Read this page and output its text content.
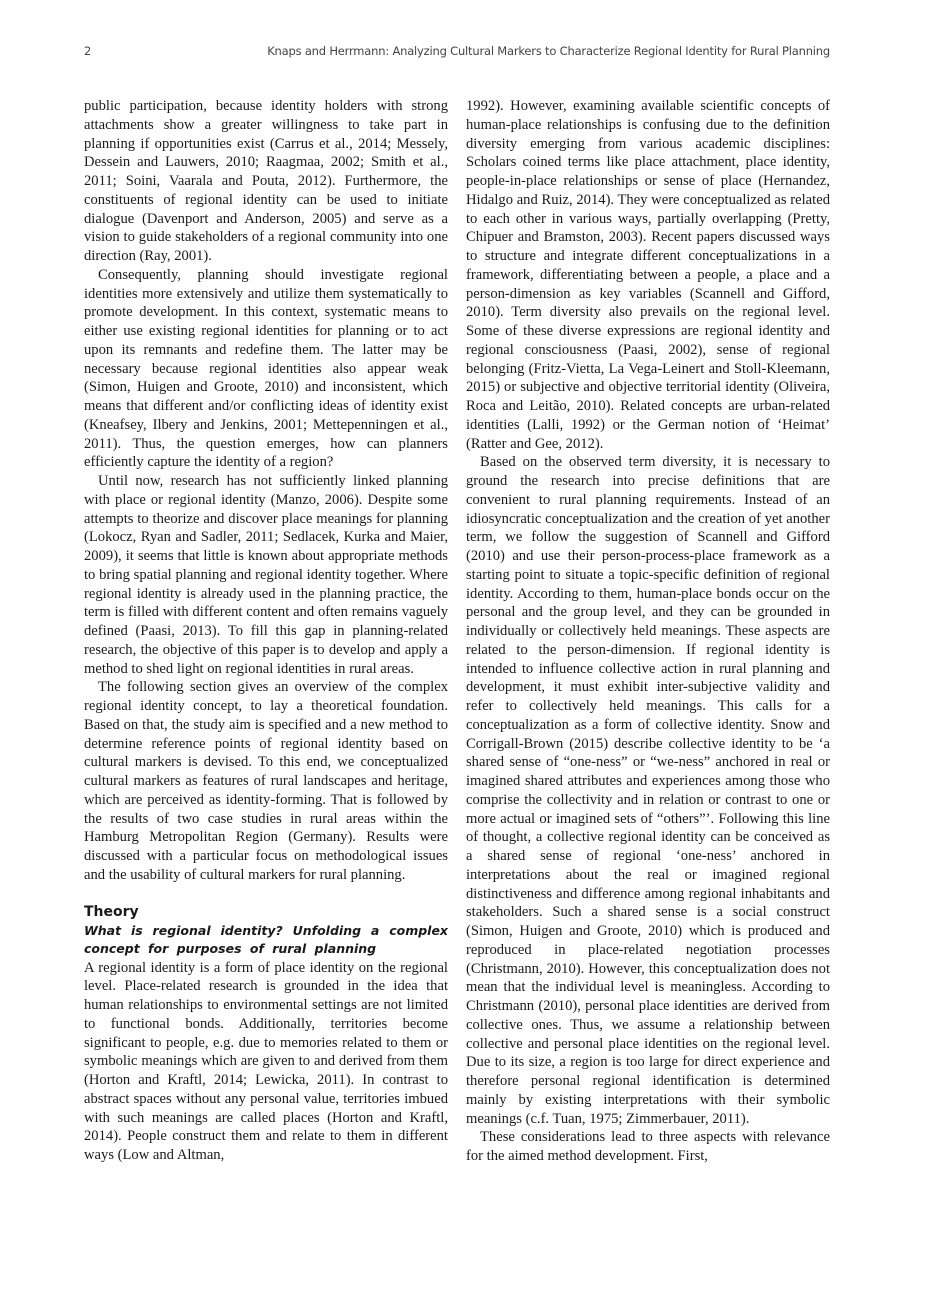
2	Knaps and Herrmann: Analyzing Cultural Markers to Characterize Regional Identity for Rural Planning

public participation, because identity holders with strong attachments show a greater willingness to take part in planning if opportunities exist (Carrus et al., 2014; Messely, Dessein and Lauwers, 2010; Raagmaa, 2002; Smith et al., 2011; Soini, Vaarala and Pouta, 2012). Furthermore, the constituents of regional identity can be used to initiate dialogue (Davenport and Anderson, 2005) and serve as a vision to guide stakeholders of a regional community into one direction (Ray, 2001).

Consequently, planning should investigate regional identities more extensively and utilize them systematically to promote development. In this context, systematic means to either use existing regional identities for planning or to act upon its remnants and redefine them. The latter may be necessary because regional identities also appear weak (Simon, Huigen and Groote, 2010) and inconsistent, which means that different and/or conflicting ideas of identity exist (Kneafsey, Ilbery and Jenkins, 2001; Mettepenningen et al., 2011). Thus, the question emerges, how can planners efficiently capture the identity of a region?

Until now, research has not sufficiently linked planning with place or regional identity (Manzo, 2006). Despite some attempts to theorize and discover place meanings for planning (Lokocz, Ryan and Sadler, 2011; Sedlacek, Kurka and Maier, 2009), it seems that little is known about appropriate methods to bring spatial planning and regional identity together. Where regional identity is already used in the planning practice, the term is filled with different content and often remains vaguely defined (Paasi, 2013). To fill this gap in planning-related research, the objective of this paper is to develop and apply a method to shed light on regional identities in rural areas.

The following section gives an overview of the complex regional identity concept, to lay a theoretical foundation. Based on that, the study aim is specified and a new method to determine reference points of regional identity based on cultural markers is devised. To this end, we conceptualized cultural markers as features of rural landscapes and heritage, which are perceived as identity-forming. That is followed by the results of two case studies in rural areas within the Hamburg Metropolitan Region (Germany). Results were discussed with a particular focus on methodological issues and the usability of cultural markers for rural planning.

Theory
What is regional identity? Unfolding a complex concept for purposes of rural planning

A regional identity is a form of place identity on the regional level. Place-related research is grounded in the idea that human relationships to environmental settings are not limited to functional bonds. Additionally, territories become significant to people, e.g. due to memories related to them or symbolic meanings which are given to and derived from them (Horton and Kraftl, 2014; Lewicka, 2011). In contrast to abstract spaces without any personal value, territories imbued with such meanings are called places (Horton and Kraftl, 2014). People construct them and relate to them in different ways (Low and Altman,

1992). However, examining available scientific concepts of human-place relationships is confusing due to the definition diversity emerging from various academic disciplines: Scholars coined terms like place attachment, place identity, people-in-place relationships or sense of place (Hernandez, Hidalgo and Ruiz, 2014). They were conceptualized as related to each other in various ways, partially overlapping (Pretty, Chipuer and Bramston, 2003). Recent papers discussed ways to structure and integrate different conceptualizations in a framework, differentiating between a people, a place and a person-dimension as key variables (Scannell and Gifford, 2010). Term diversity also prevails on the regional level. Some of these diverse expressions are regional identity and regional consciousness (Paasi, 2002), sense of regional belonging (Fritz-Vietta, La Vega-Leinert and Stoll-Kleemann, 2015) or subjective and objective territorial identity (Oliveira, Roca and Leitão, 2010). Related concepts are urban-related identities (Lalli, 1992) or the German notion of ‘Heimat’ (Ratter and Gee, 2012).

Based on the observed term diversity, it is necessary to ground the research into precise definitions that are convenient to rural planning requirements. Instead of an idiosyncratic conceptualization and the creation of yet another term, we follow the suggestion of Scannell and Gifford (2010) and use their person-process-place framework as a starting point to situate a topic-specific definition of regional identity. According to them, human-place bonds occur on the personal and the group level, and they can be grounded in individually or collectively held meanings. These aspects are related to the person-dimension. If regional identity is intended to influence collective action in rural planning and development, it must exhibit inter-subjective validity and refer to collectively held meanings. This calls for a conceptualization as a form of collective identity. Snow and Corrigall-Brown (2015) describe collective identity to be ‘a shared sense of “one-ness” or “we-ness” anchored in real or imagined shared attributes and experiences among those who comprise the collectivity and in relation or contrast to one or more actual or imagined sets of “others”’. Following this line of thought, a collective regional identity can be conceived as a shared sense of regional ‘one-ness’ anchored in interpretations about the real or imagined regional distinctiveness and difference among regional inhabitants and stakeholders. Such a shared sense is a social construct (Simon, Huigen and Groote, 2010) which is produced and reproduced in place-related negotiation processes (Christmann, 2010). However, this conceptualization does not mean that the individual level is meaningless. According to Christmann (2010), personal place identities are derived from collective ones. Thus, we assume a relationship between collective and personal place identities on the regional level. Due to its size, a region is too large for direct experience and therefore personal regional identification is determined mainly by existing interpretations with their symbolic meanings (c.f. Tuan, 1975; Zimmerbauer, 2011).

These considerations lead to three aspects with relevance for the aimed method development. First,
